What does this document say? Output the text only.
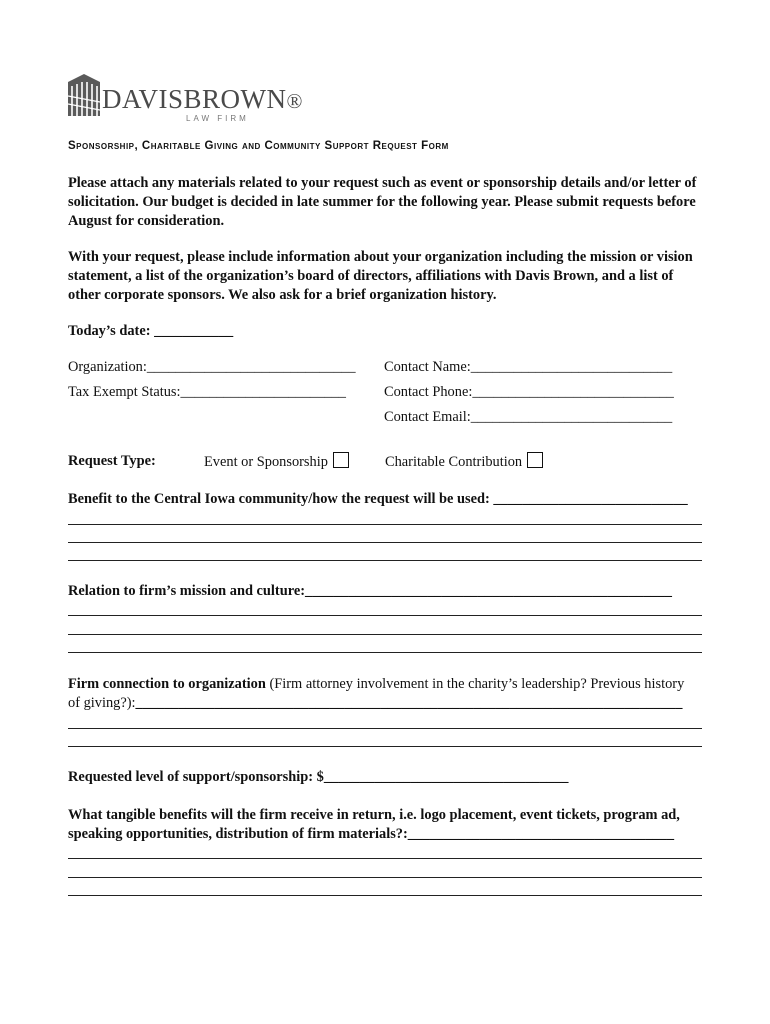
DAVISBROWN®
LAW FIRM
Sponsorship, Charitable Giving and Community Support Request Form

Please attach any materials related to your request such as event or sponsorship details and/or letter of solicitation. Our budget is decided in late summer for the following year. Please submit requests before August for consideration.

With your request, please include information about your organization including the mission or vision statement, a list of the organization’s board of directors, affiliations with Davis Brown, and a list of other corporate sponsors. We also ask for a brief organization history.

Today’s date: ___________
Organization:_____________________________
Tax Exempt Status:_______________________
Contact Name:____________________________
Contact Phone:____________________________
Contact Email:____________________________
Request Type:	Event or Sponsorship	Charitable Contribution
Benefit to the Central Iowa community/how the request will be used: ___________________________
Relation to firm’s mission and culture:___________________________________________________
Firm connection to organization (Firm attorney involvement in the charity’s leadership? Previous history
of giving?):____________________________________________________________________________
Requested level of support/sponsorship: $__________________________________
What tangible benefits will the firm receive in return, i.e. logo placement, event tickets, program ad,
speaking opportunities, distribution of firm materials?:_____________________________________
